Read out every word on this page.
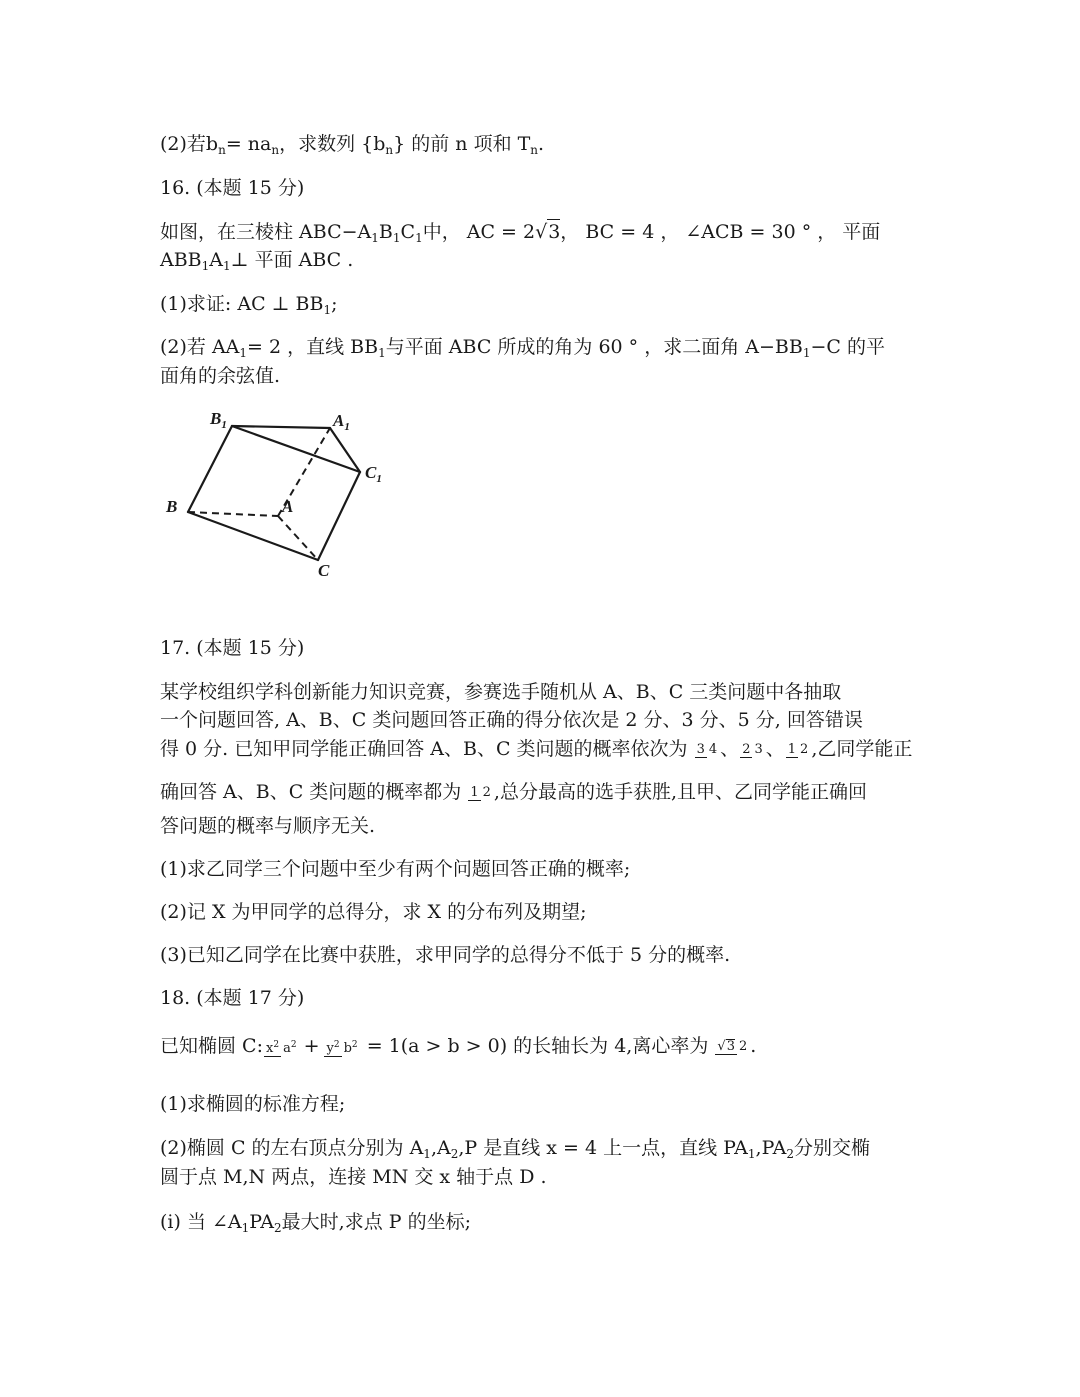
(2)若$b_n= na_n$，求数列 $\{b_n\}$ 的前 n 项和 $T_n$.
16. (本题 15 分)
如图，在三棱柱 $ABC-A_1B_1C_1$中， AC = 2√3， BC = 4 ， ∠ACB = 30 ° ， 平面
$ABB_1A_1\perp$ 平面 ABC .
(1)求证: AC ⊥ $BB_1$;
(2)若 $AA_1= 2$ ，直线 $BB_1$与平面 ABC 所成的角为 60 ° ，求二面角 $A-BB_1-C$ 的平
面角的余弦值.
$B_1$	$A_1$
$C_1$
B	A
C
17. (本题 15 分)
某学校组织学科创新能力知识竞赛，参赛选手随机从 A、B、C 三类问题中各抽取
一个问题回答, A、B、C 类问题回答正确的得分依次是 2 分、3 分、5 分, 回答错误
得 0 分. 已知甲同学能正确回答 A、B、C 类问题的概率依次为 3 4 、 2 3 、 1 2 ,乙同学能正
确回答 A、B、C 类问题的概率都为 1 2 ,总分最高的选手获胜,且甲、乙同学能正确回
答问题的概率与顺序无关.
(1)求乙同学三个问题中至少有两个问题回答正确的概率;
(2)记 X 为甲同学的总得分，求 X 的分布列及期望;
(3)已知乙同学在比赛中获胜，求甲同学的总得分不低于 5 分的概率.
18. (本题 17 分)
已知椭圆 C: $x^2$ $a^2 + y^2$ $b^2 = 1(a > b > 0)$ 的长轴长为 4,离心率为 √3 2 .
(1)求椭圆的标准方程;
(2)椭圆 C 的左右顶点分别为 $A_1,A_2,P$ 是直线 x = 4 上一点，直线 $PA_1,PA_2$分别交椭
圆于点 M,N 两点，连接 MN 交 x 轴于点 D .
(i) 当 $\angle A_1PA_2$最大时,求点 P 的坐标;
